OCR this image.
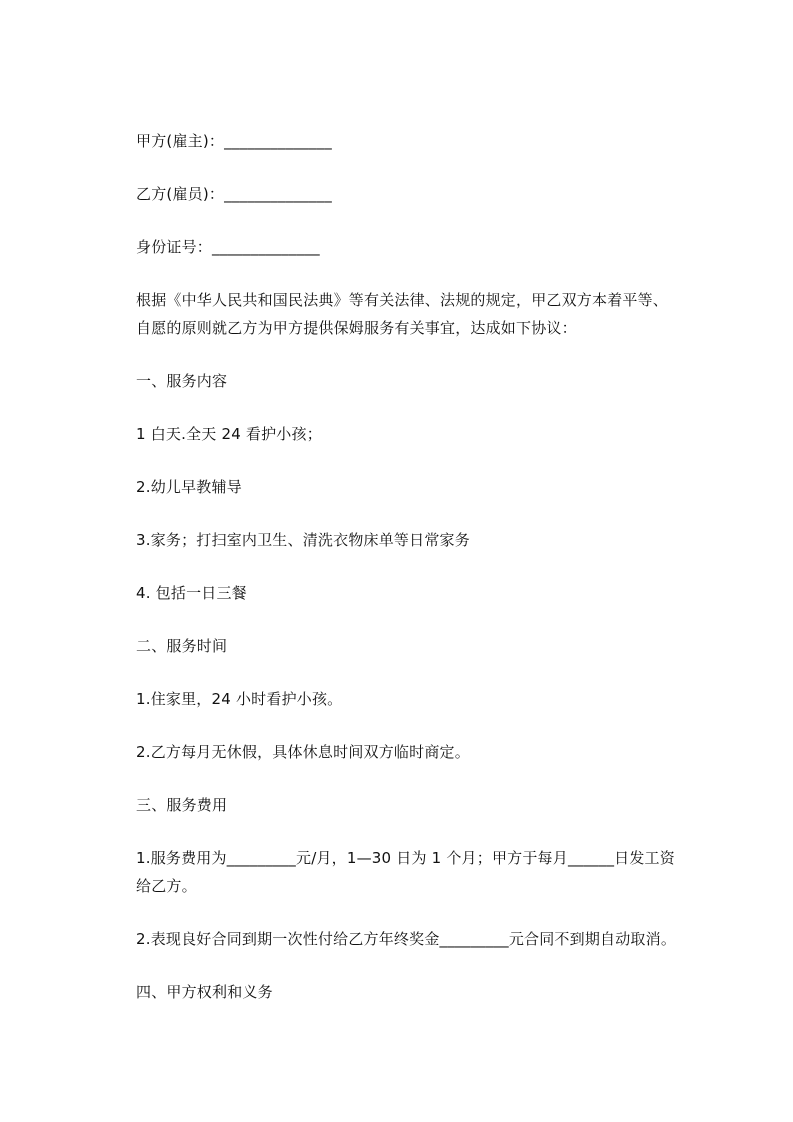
甲方(雇主)：______________
乙方(雇员)：______________
身份证号：______________
根据《中华人民共和国民法典》等有关法律、法规的规定，甲乙双方本着平等、
自愿的原则就乙方为甲方提供保姆服务有关事宜，达成如下协议：
一、服务内容
1 白天.全天 24 看护小孩；
2.幼儿早教辅导
3.家务；打扫室内卫生、清洗衣物床单等日常家务
4. 包括一日三餐
二、服务时间
1.住家里，24 小时看护小孩。
2.乙方每月无休假，具体休息时间双方临时商定。
三、服务费用
1.服务费用为_________元/月，1—30 日为 1 个月；甲方于每月______日发工资
给乙方。
2.表现良好合同到期一次性付给乙方年终奖金_________元合同不到期自动取消。
四、甲方权利和义务
